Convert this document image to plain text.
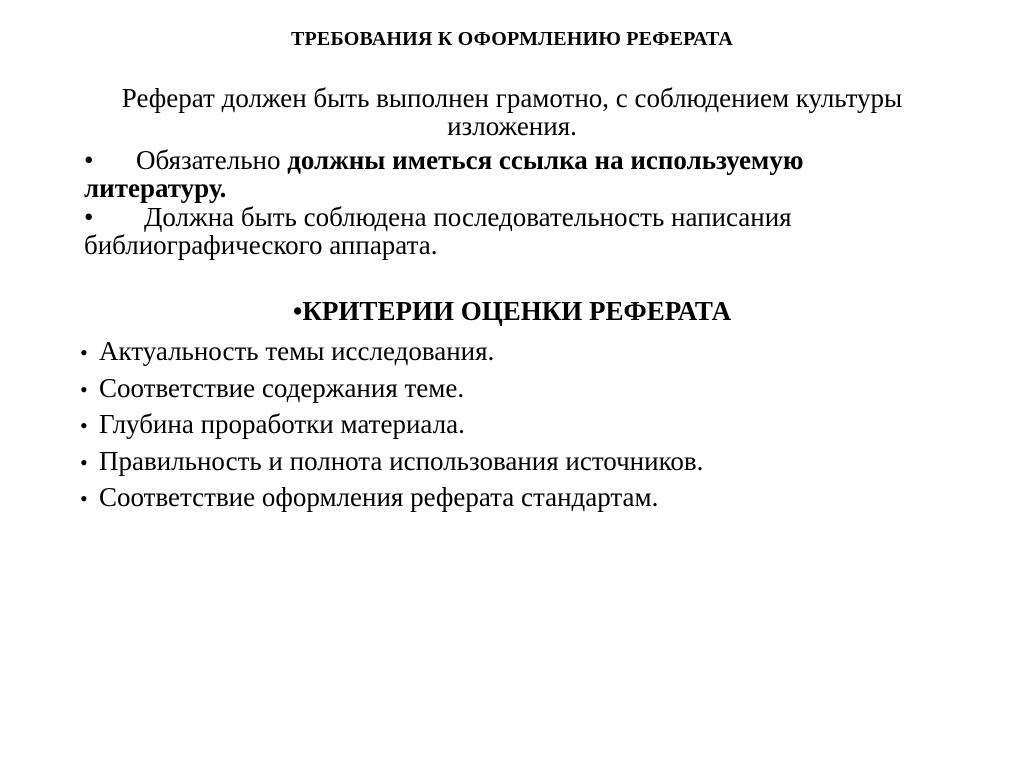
ТРЕБОВАНИЯ К ОФОРМЛЕНИЮ РЕФЕРАТА
Реферат должен быть выполнен грамотно, с соблюдением культуры изложения.
• Обязательно должны иметься ссылка на используемую литературу.
• Должна быть соблюдена последовательность написания библиографического аппарата.
•КРИТЕРИИ ОЦЕНКИ РЕФЕРАТА
• Актуальность темы исследования.
• Соответствие содержания теме.
• Глубина проработки материала.
• Правильность и полнота использования источников.
• Соответствие оформления реферата стандартам.
